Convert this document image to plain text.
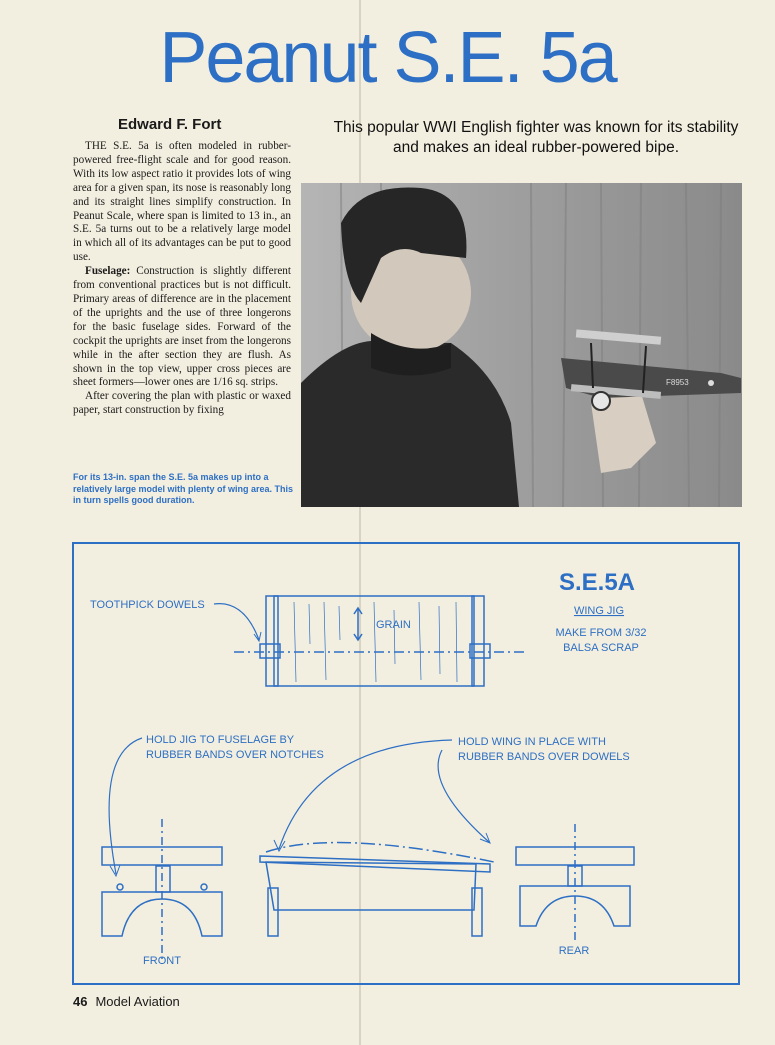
Peanut S.E. 5a
Edward F. Fort	This popular WWI English fighter was known for its stability and makes an ideal rubber-powered bipe.

THE S.E. 5a is often modeled in rubber-powered free-flight scale and for good reason. With its low aspect ratio it provides lots of wing area for a given span, its nose is reasonably long and its straight lines simplify construction. In Peanut Scale, where span is limited to 13 in., an S.E. 5a turns out to be a relatively large model in which all of its advantages can be put to good use.

Fuselage: Construction is slightly different from conventional practices but is not difficult. Primary areas of difference are in the placement of the uprights and the use of three longerons for the basic fuselage sides. Forward of the cockpit the uprights are inset from the longerons while in the after section they are flush. As shown in the top view, upper cross pieces are sheet formers—lower ones are 1/16 sq. strips.

After covering the plan with plastic or waxed paper, start construction by fixing

F8953
For its 13-in. span the S.E. 5a makes up into a relatively large model with plenty of wing area. This in turn spells good duration.
S.E.5A
WING JIG
MAKE FROM 3/32
BALSA SCRAP
GRAIN
TOOTHPICK DOWELS
HOLD JIG TO FUSELAGE BY
RUBBER BANDS OVER NOTCHES
HOLD WING IN PLACE WITH
RUBBER BANDS OVER DOWELS
FRONT
REAR
46 Model Aviation
